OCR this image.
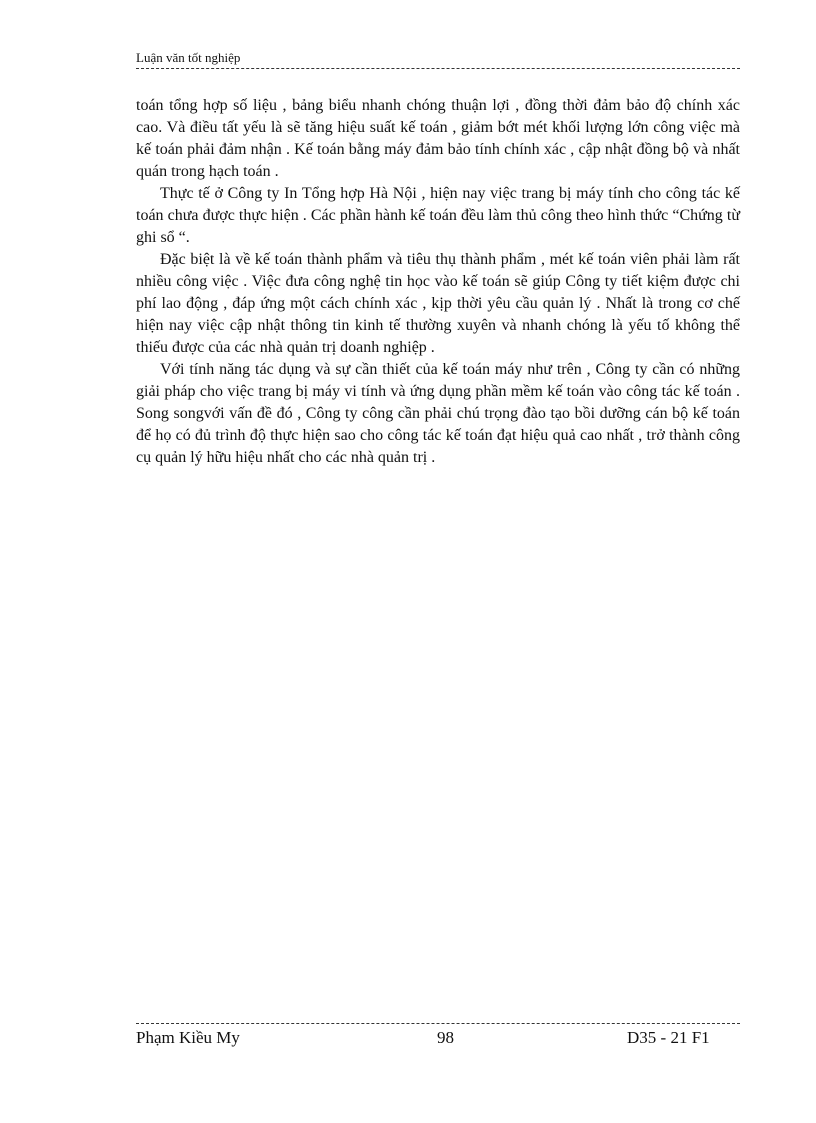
Luận văn tốt nghiệp

toán tổng hợp số liệu , bảng biểu nhanh chóng thuận lợi , đồng thời đảm bảo độ chính xác cao. Và điều tất yếu là sẽ tăng hiệu suất kế toán , giảm bớt mét khối lượng lớn công việc mà kế toán phải đảm nhận . Kế toán bằng máy đảm bảo tính chính xác , cập nhật đồng bộ và nhất quán trong hạch toán .

Thực tế ở Công ty In Tổng hợp Hà Nội , hiện nay việc trang bị máy tính cho công tác kế toán chưa được thực hiện . Các phần hành kế toán đều làm thủ công theo hình thức “Chứng từ ghi sổ “.

Đặc biệt là về kế toán thành phẩm và tiêu thụ thành phẩm , mét kế toán viên phải làm rất nhiều công việc . Việc đưa công nghệ tin học vào kế toán sẽ giúp Công ty tiết kiệm được chi phí lao động , đáp ứng một cách chính xác , kịp thời yêu cầu quản lý . Nhất là trong cơ chế hiện nay việc cập nhật thông tin kinh tế thường xuyên và nhanh chóng là yếu tố không thể thiếu được của các nhà quản trị doanh nghiệp .

Với tính năng tác dụng và sự cần thiết của kế toán máy như trên , Công ty cần có những giải pháp cho việc trang bị máy vi tính và ứng dụng phần mềm kế toán vào công tác kế toán . Song songvới vấn đề đó , Công ty công cần phải chú trọng đào tạo bồi dưỡng cán bộ kế toán để họ có đủ trình độ thực hiện sao cho công tác kế toán đạt hiệu quả cao nhất , trở thành công cụ quản lý hữu hiệu nhất cho các nhà quản trị .

Phạm Kiều My	98	D35 - 21 F1
